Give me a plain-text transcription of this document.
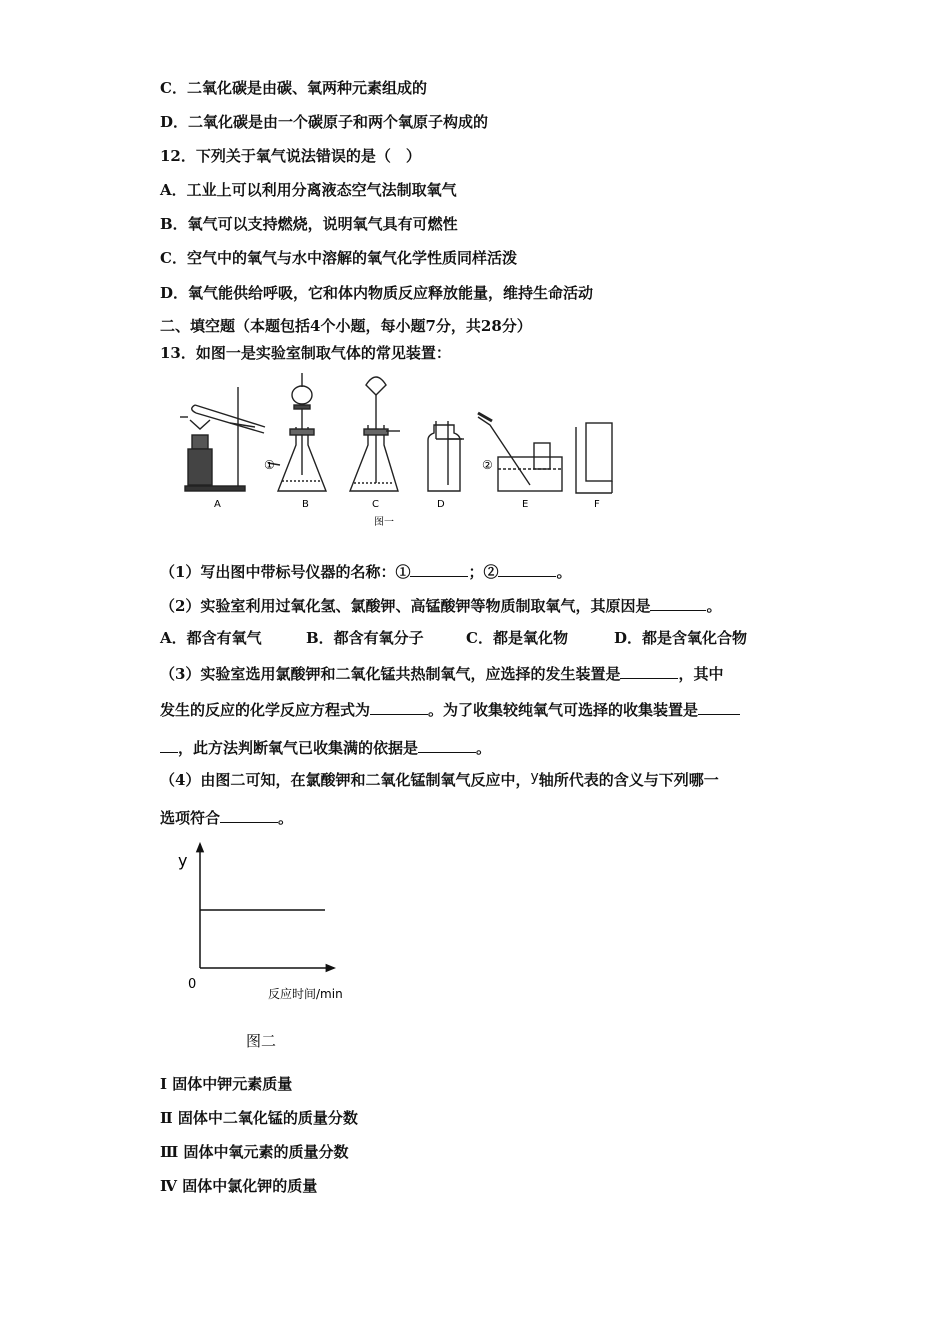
C．二氧化碳是由碳、氧两种元素组成的
D．二氧化碳是由一个碳原子和两个氧原子构成的
12．下列关于氧气说法错误的是（　）
A．工业上可以利用分离液态空气法制取氧气
B．氧气可以支持燃烧，说明氧气具有可燃性
C．空气中的氧气与水中溶解的氧气化学性质同样活泼
D．氧气能供给呼吸，它和体内物质反应释放能量，维持生命活动
二、填空题（本题包括4个小题，每小题7分，共28分）
13．如图一是实验室制取气体的常见装置：
①	②
A	B	C	D	E	F
图一
（1）写出图中带标号仪器的名称：①	；②	。
（2）实验室利用过氧化氢、氯酸钾、高锰酸钾等物质制取氧气，其原因是	。
A．都含有氧气	B．都含有氧分子	C．都是氧化物	D．都是含氧化合物
（3）实验室选用氯酸钾和二氧化锰共热制氧气，应选择的发生装置是	，其中
发生的反应的化学反应方程式为	。为了收集较纯氧气可选择的收集装置是
，此方法判断氧气已收集满的依据是	。
（4）由图二可知，在氯酸钾和二氧化锰制氧气反应中，y轴所代表的含义与下列哪一
选项符合	。
y
0
反应时间/min
图二
I 固体中钾元素质量
Ⅱ 固体中二氧化锰的质量分数
Ⅲ 固体中氧元素的质量分数
Ⅳ 固体中氯化钾的质量
